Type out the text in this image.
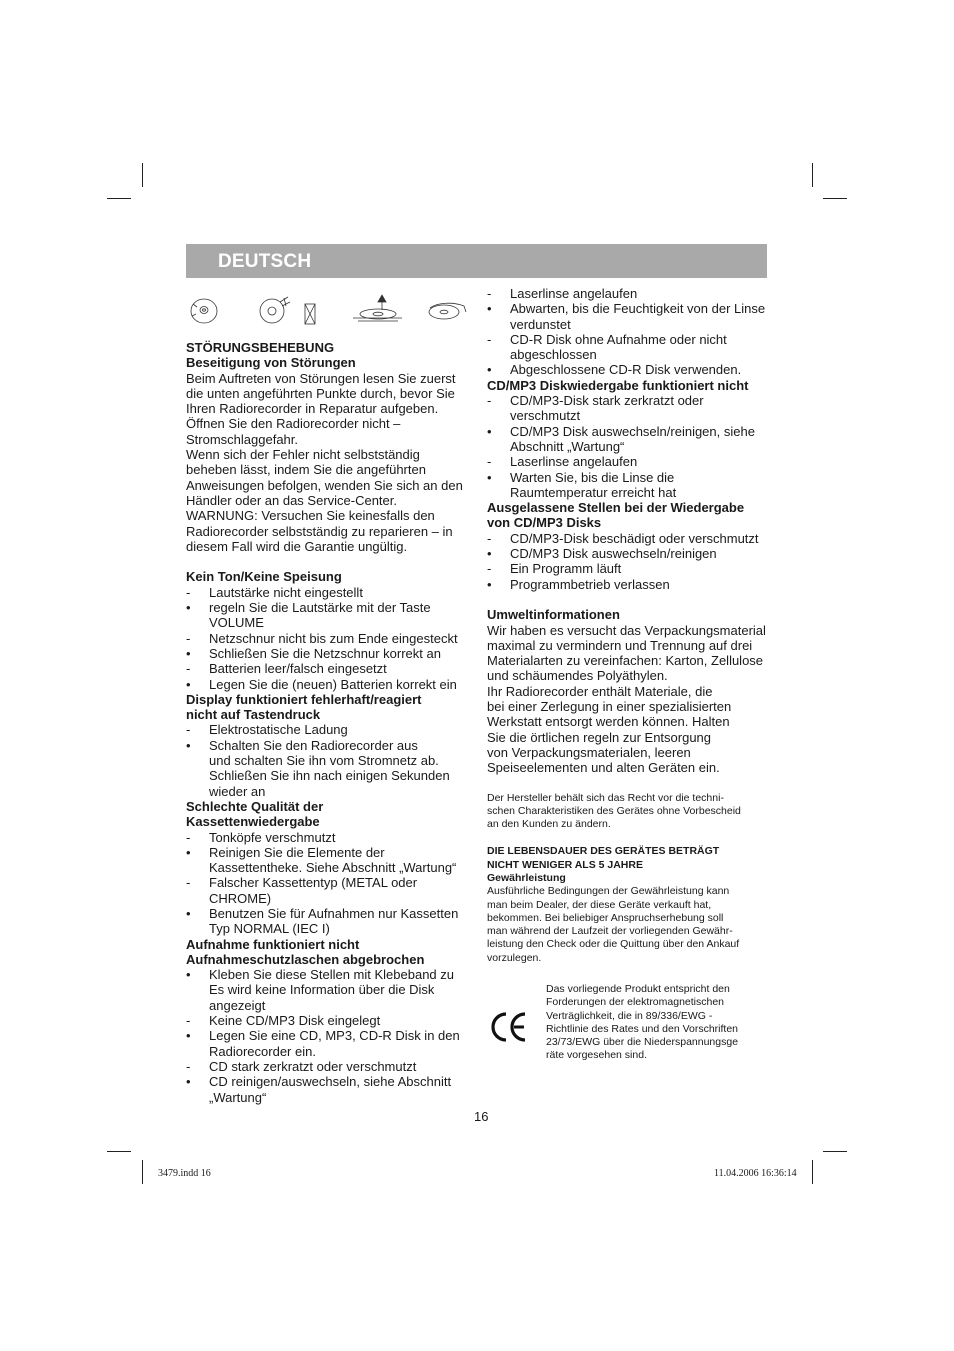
DEUTSCH

STÖRUNGSBEHEBUNG

Beseitigung von Störungen

Beim Auftreten von Störungen lesen Sie zuerst

die unten angeführten Punkte durch, bevor Sie

Ihren Radiorecorder in Reparatur aufgeben.

Öffnen Sie den Radiorecorder nicht –

Stromschlaggefahr.

Wenn sich der Fehler nicht selbstständig

beheben lässt, indem Sie die angeführten

Anweisungen befolgen, wenden Sie sich an den

Händler oder an das Service-Center.

WARNUNG: Versuchen Sie keinesfalls den

Radiorecorder selbstständig zu reparieren – in

diesem Fall wird die Garantie ungültig.

Kein Ton/Keine Speisung

-	Lautstärke nicht eingestellt
•	regeln Sie die Lautstärke mit der Taste
VOLUME
-	Netzschnur nicht bis zum Ende eingesteckt
•	Schließen Sie die Netzschnur korrekt an
-	Batterien leer/falsch eingesetzt
•	Legen Sie die (neuen) Batterien korrekt ein

Display funktioniert fehlerhaft/reagiert

nicht auf Tastendruck

-	Elektrostatische Ladung
•	Schalten Sie den Radiorecorder aus
und schalten Sie ihn vom Stromnetz ab.
Schließen Sie ihn nach einigen Sekunden
wieder an

Schlechte Qualität der

Kassettenwiedergabe

-	Tonköpfe verschmutzt
•	Reinigen Sie die Elemente der
Kassettentheke. Siehe Abschnitt „Wartung“
-	Falscher Kassettentyp (METAL oder
CHROME)
•	Benutzen Sie für Aufnahmen nur Kassetten
Typ NORMAL (IEC I)

Aufnahme funktioniert nicht

Aufnahmeschutzlaschen abgebrochen

•	Kleben Sie diese Stellen mit Klebeband zu
Es wird keine Information über die Disk
angezeigt
-	Keine CD/MP3 Disk eingelegt
•	Legen Sie eine CD, MP3, CD-R Disk in den
Radiorecorder ein.
-	CD stark zerkratzt oder verschmutzt
•	CD reinigen/auswechseln, siehe Abschnitt
„Wartung“
-	Laserlinse angelaufen
•	Abwarten, bis die Feuchtigkeit von der Linse
verdunstet
-	CD-R Disk ohne Aufnahme oder nicht
abgeschlossen
•	Abgeschlossene CD-R Disk verwenden.

CD/MP3 Diskwiedergabe funktioniert nicht

-	CD/MP3-Disk stark zerkratzt oder
verschmutzt
•	CD/MP3 Disk auswechseln/reinigen, siehe
Abschnitt „Wartung“
-	Laserlinse angelaufen
•	Warten Sie, bis die Linse die
Raumtemperatur erreicht hat

Ausgelassene Stellen bei der Wiedergabe

von CD/MP3 Disks

-	CD/MP3-Disk beschädigt oder verschmutzt
•	CD/MP3 Disk auswechseln/reinigen
-	Ein Programm läuft
•	Programmbetrieb verlassen

Umweltinformationen

Wir haben es versucht das Verpackungsmaterial

maximal zu vermindern und Trennung auf drei

Materialarten zu vereinfachen: Karton, Zellulose

und schäumendes Polyäthylen.

Ihr Radiorecorder enthält Materiale, die

bei einer Zerlegung in einer spezialisierten

Werkstatt entsorgt werden können. Halten

Sie die örtlichen regeln zur Entsorgung

von Verpackungsmaterialen, leeren

Speiseelementen und alten Geräten ein.

Der Hersteller behält sich das Recht vor die techni-

schen Charakteristiken des Gerätes ohne Vorbescheid

an den Kunden zu ändern.

DIE LEBENSDAUER DES GERÄTES BETRÄGT

NICHT WENIGER ALS 5 JAHRE

Gewährleistung

Ausführliche Bedingungen der Gewährleistung kann

man beim Dealer, der diese Geräte verkauft hat,

bekommen. Bei beliebiger Anspruchserhebung soll

man während der Laufzeit der vorliegenden Gewähr-

leistung den Check oder die Quittung über den Ankauf

vorzulegen.

Das vorliegende Produkt entspricht den

Forderungen der elektromagnetischen

Verträglichkeit, die in 89/336/EWG -

Richtlinie des Rates und den Vorschriften

23/73/EWG über die Niederspannungsge

räte vorgesehen sind.

16
3479.indd 16	11.04.2006 16:36:14
